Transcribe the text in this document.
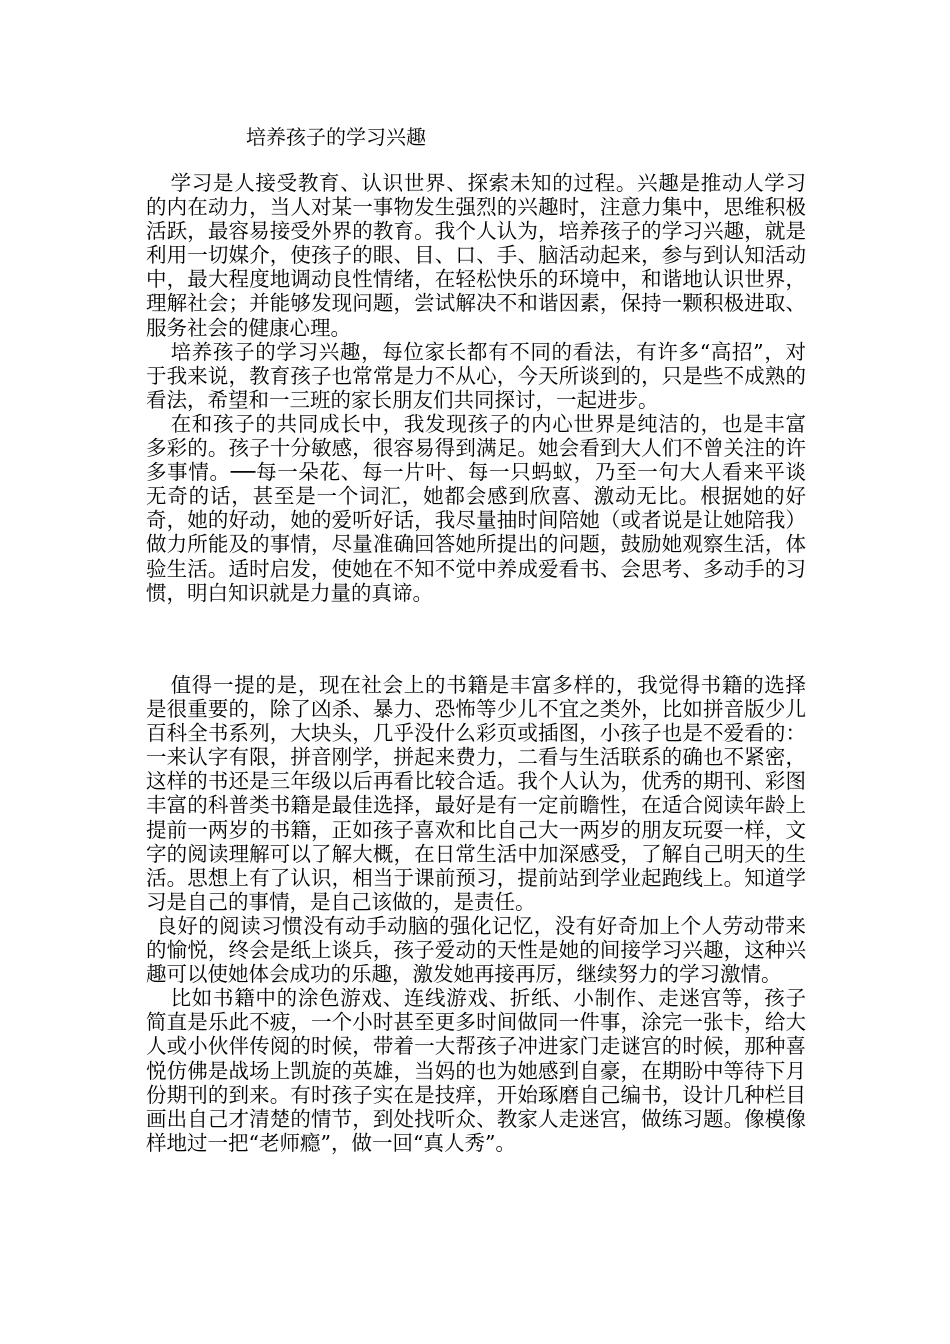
培养孩子的学习兴趣

学习是人接受教育、认识世界、探索未知的过程。兴趣是推动人学习的内在动力，当人对某一事物发生强烈的兴趣时，注意力集中，思维积极活跃，最容易接受外界的教育。我个人认为，培养孩子的学习兴趣，就是利用一切媒介，使孩子的眼、目、口、手、脑活动起来，参与到认知活动中，最大程度地调动良性情绪，在轻松快乐的环境中，和谐地认识世界，理解社会；并能够发现问题，尝试解决不和谐因素，保持一颗积极进取、服务社会的健康心理。

培养孩子的学习兴趣，每位家长都有不同的看法，有许多“高招”，对于我来说，教育孩子也常常是力不从心，今天所谈到的，只是些不成熟的看法，希望和一三班的家长朋友们共同探讨，一起进步。

在和孩子的共同成长中，我发现孩子的内心世界是纯洁的，也是丰富多彩的。孩子十分敏感，很容易得到满足。她会看到大人们不曾关注的许多事情。──每一朵花、每一片叶、每一只蚂蚁，乃至一句大人看来平谈无奇的话，甚至是一个词汇，她都会感到欣喜、激动无比。根据她的好奇，她的好动，她的爱听好话，我尽量抽时间陪她（或者说是让她陪我）做力所能及的事情，尽量准确回答她所提出的问题，鼓励她观察生活，体验生活。适时启发，使她在不知不觉中养成爱看书、会思考、多动手的习惯，明白知识就是力量的真谛。

值得一提的是，现在社会上的书籍是丰富多样的，我觉得书籍的选择是很重要的，除了凶杀、暴力、恐怖等少儿不宜之类外，比如拼音版少儿百科全书系列，大块头，几乎没什么彩页或插图，小孩子也是不爱看的：一来认字有限，拼音刚学，拼起来费力，二看与生活联系的确也不紧密，这样的书还是三年级以后再看比较合适。我个人认为，优秀的期刊、彩图丰富的科普类书籍是最佳选择，最好是有一定前瞻性，在适合阅读年龄上提前一两岁的书籍，正如孩子喜欢和比自己大一两岁的朋友玩耍一样，文字的阅读理解可以了解大概，在日常生活中加深感受，了解自己明天的生活。思想上有了认识，相当于课前预习，提前站到学业起跑线上。知道学习是自己的事情，是自己该做的，是责任。

良好的阅读习惯没有动手动脑的强化记忆，没有好奇加上个人劳动带来的愉悦，终会是纸上谈兵，孩子爱动的天性是她的间接学习兴趣，这种兴趣可以使她体会成功的乐趣，激发她再接再厉，继续努力的学习激情。

比如书籍中的涂色游戏、连线游戏、折纸、小制作、走迷宫等，孩子简直是乐此不疲，一个小时甚至更多时间做同一件事，涂完一张卡，给大人或小伙伴传阅的时候，带着一大帮孩子冲进家门走谜宫的时候，那种喜悦仿佛是战场上凯旋的英雄，当妈的也为她感到自豪，在期盼中等待下月份期刊的到来。有时孩子实在是技痒，开始琢磨自己编书，设计几种栏目画出自己才清楚的情节，到处找听众、教家人走迷宫，做练习题。像模像样地过一把“老师瘾”，做一回“真人秀”。
